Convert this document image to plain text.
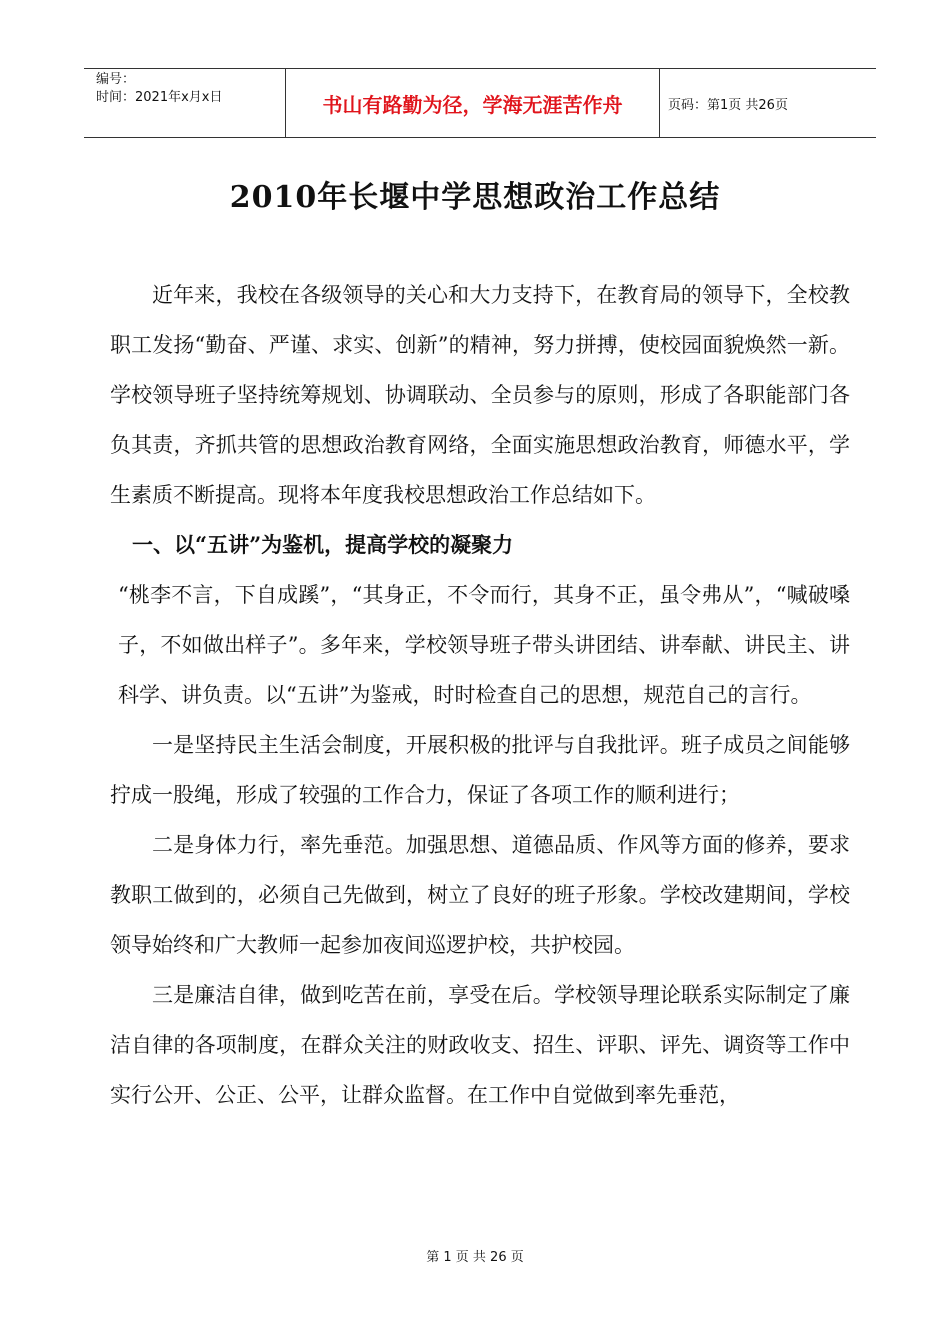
编号：
时间：2021年x月x日	书山有路勤为径，学海无涯苦作舟	页码：第1页 共26页
2010年长堰中学思想政治工作总结

近年来，我校在各级领导的关心和大力支持下，在教育局的领导下，全校教职工发扬“勤奋、严谨、求实、创新”的精神，努力拼搏，使校园面貌焕然一新。学校领导班子坚持统筹规划、协调联动、全员参与的原则，形成了各职能部门各负其责，齐抓共管的思想政治教育网络，全面实施思想政治教育，师德水平，学生素质不断提高。现将本年度我校思想政治工作总结如下。

一、以“五讲”为鉴机，提高学校的凝聚力

“桃李不言，下自成蹊”，“其身正，不令而行，其身不正，虽令弗从”，“喊破嗓子，不如做出样子”。多年来，学校领导班子带头讲团结、讲奉献、讲民主、讲科学、讲负责。以“五讲”为鉴戒，时时检查自己的思想，规范自己的言行。

一是坚持民主生活会制度，开展积极的批评与自我批评。班子成员之间能够拧成一股绳，形成了较强的工作合力，保证了各项工作的顺利进行；

二是身体力行，率先垂范。加强思想、道德品质、作风等方面的修养，要求教职工做到的，必须自己先做到，树立了良好的班子形象。学校改建期间，学校领导始终和广大教师一起参加夜间巡逻护校，共护校园。

三是廉洁自律，做到吃苦在前，享受在后。学校领导理论联系实际制定了廉洁自律的各项制度，在群众关注的财政收支、招生、评职、评先、调资等工作中实行公开、公正、公平，让群众监督。在工作中自觉做到率先垂范，

第 1 页 共 26 页
